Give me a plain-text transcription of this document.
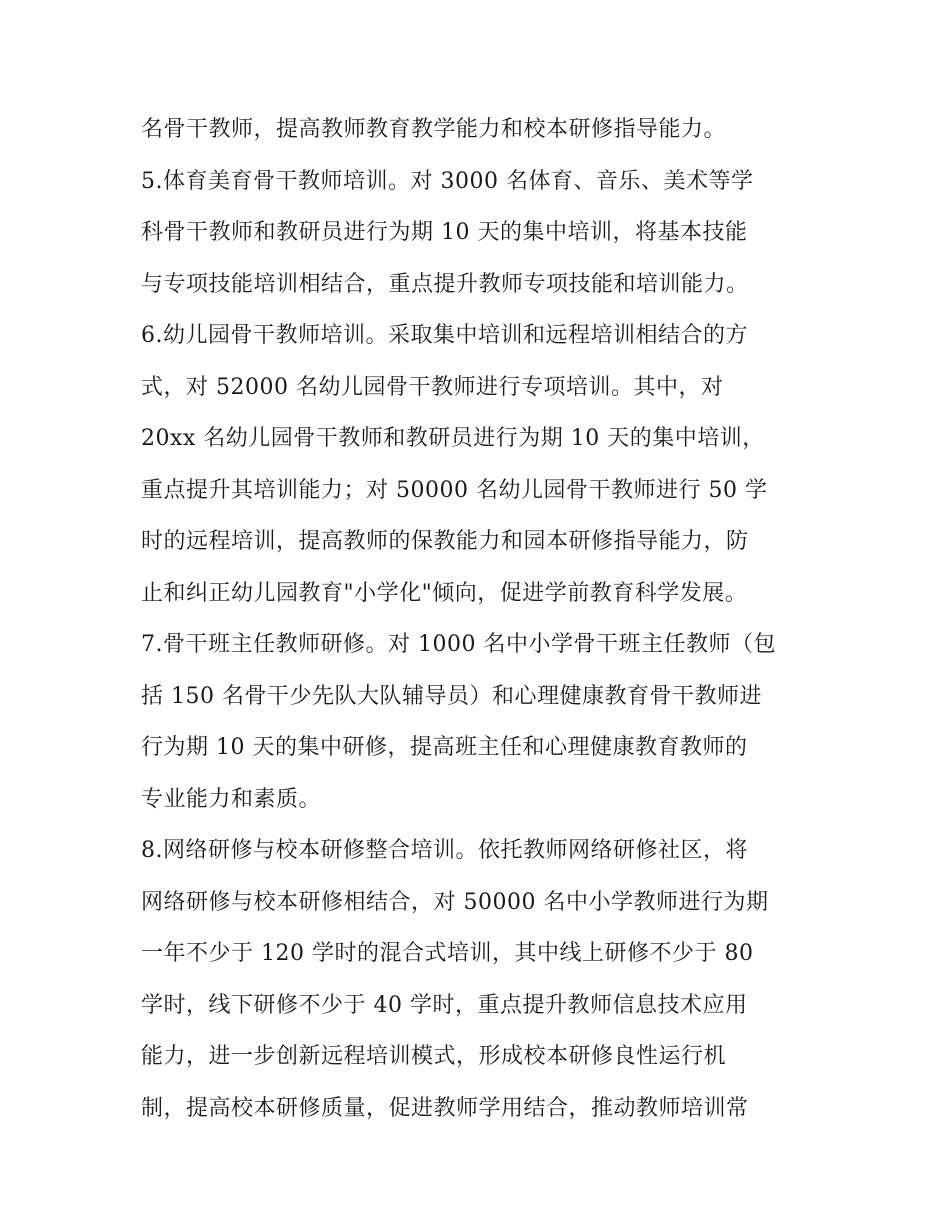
名骨干教师，提高教师教育教学能力和校本研修指导能力。
5.体育美育骨干教师培训。对 3000 名体育、音乐、美术等学
科骨干教师和教研员进行为期 10 天的集中培训，将基本技能
与专项技能培训相结合，重点提升教师专项技能和培训能力。
6.幼儿园骨干教师培训。采取集中培训和远程培训相结合的方
式，对 52000 名幼儿园骨干教师进行专项培训。其中，对
20xx 名幼儿园骨干教师和教研员进行为期 10 天的集中培训，
重点提升其培训能力；对 50000 名幼儿园骨干教师进行 50 学
时的远程培训，提高教师的保教能力和园本研修指导能力，防
止和纠正幼儿园教育"小学化"倾向，促进学前教育科学发展。
7.骨干班主任教师研修。对 1000 名中小学骨干班主任教师（包
括 150 名骨干少先队大队辅导员）和心理健康教育骨干教师进
行为期 10 天的集中研修，提高班主任和心理健康教育教师的
专业能力和素质。
8.网络研修与校本研修整合培训。依托教师网络研修社区，将
网络研修与校本研修相结合，对 50000 名中小学教师进行为期
一年不少于 120 学时的混合式培训，其中线上研修不少于 80
学时，线下研修不少于 40 学时，重点提升教师信息技术应用
能力，进一步创新远程培训模式，形成校本研修良性运行机
制，提高校本研修质量，促进教师学用结合，推动教师培训常
